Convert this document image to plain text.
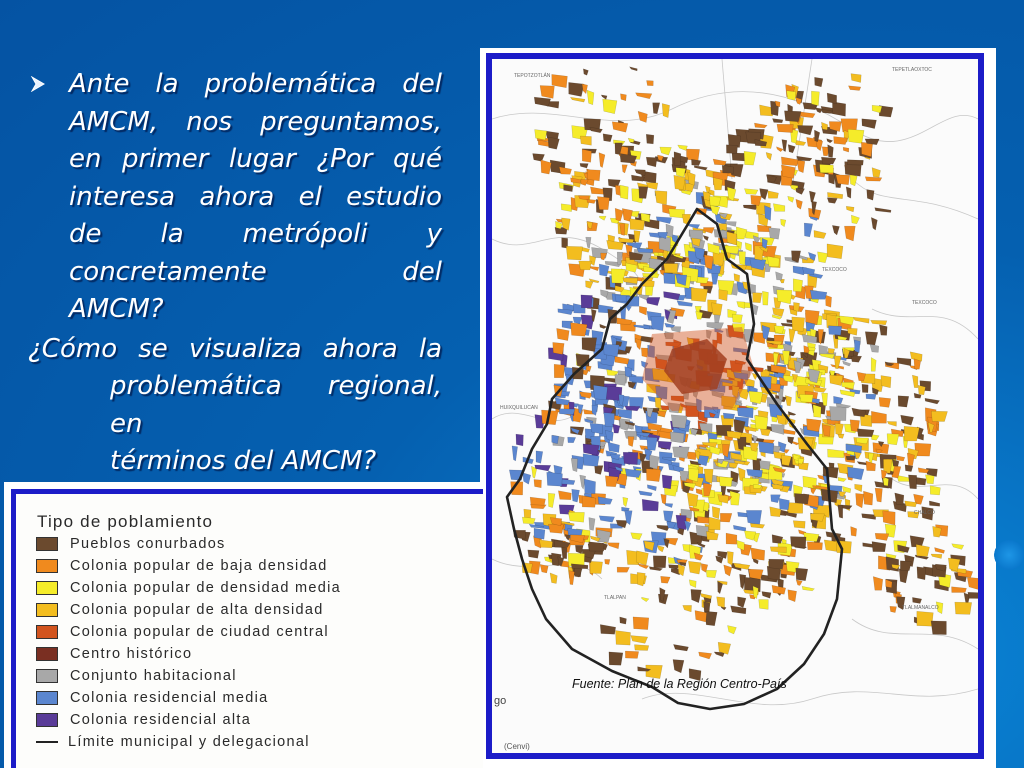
Ante la problemática del
AMCM, nos preguntamos,
en primer lugar ¿Por qué
interesa ahora el estudio
de la metrópoli y
concretamente del
AMCM?
¿Cómo se visualiza ahora la
problemática regional, en
términos del AMCM?
TEPOTZOTLÁN
TEPETLAOXTOC
TEXCOCO
TEXCOCO
HUIXQUILUCAN
CHALCO
TLALMANALCO
TLALPAN
go
(Cenvi)
Fuente: Plan de la Región Centro-País
Tipo de poblamiento
Pueblos conurbados
Colonia popular de baja densidad
Colonia popular de densidad media
Colonia popular de alta densidad
Colonia popular de ciudad central
Centro histórico
Conjunto habitacional
Colonia residencial media
Colonia residencial alta
Límite municipal y delegacional
